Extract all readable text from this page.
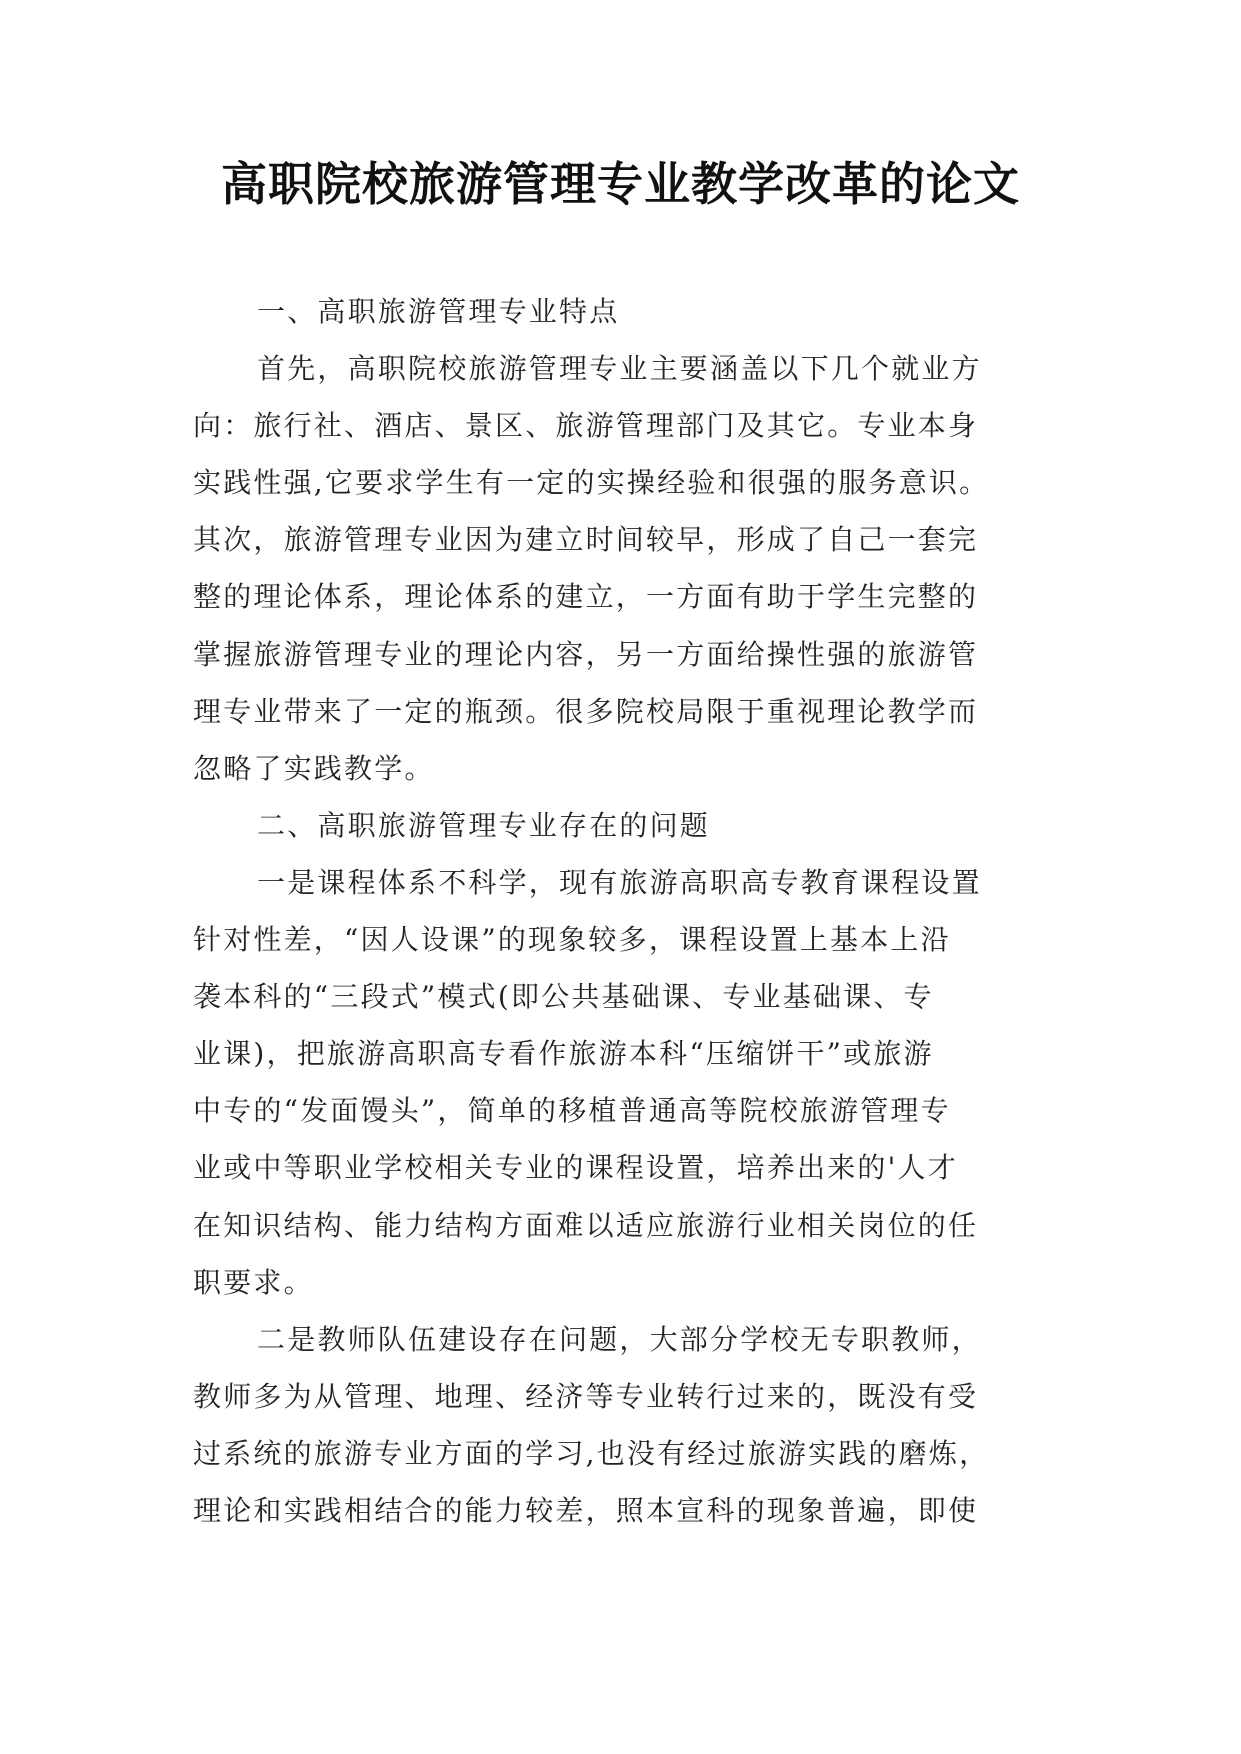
高职院校旅游管理专业教学改革的论文
一、高职旅游管理专业特点
首先，高职院校旅游管理专业主要涵盖以下几个就业方
向：旅行社、酒店、景区、旅游管理部门及其它。专业本身
实践性强,它要求学生有一定的实操经验和很强的服务意识。
其次，旅游管理专业因为建立时间较早，形成了自己一套完
整的理论体系，理论体系的建立，一方面有助于学生完整的
掌握旅游管理专业的理论内容，另一方面给操性强的旅游管
理专业带来了一定的瓶颈。很多院校局限于重视理论教学而
忽略了实践教学。
二、高职旅游管理专业存在的问题
一是课程体系不科学，现有旅游高职高专教育课程设置
针对性差，“因人设课”的现象较多，课程设置上基本上沿
袭本科的“三段式”模式(即公共基础课、专业基础课、专
业课)，把旅游高职高专看作旅游本科“压缩饼干”或旅游
中专的“发面馒头”，简单的移植普通高等院校旅游管理专
业或中等职业学校相关专业的课程设置，培养出来的'人才
在知识结构、能力结构方面难以适应旅游行业相关岗位的任
职要求。
二是教师队伍建设存在问题，大部分学校无专职教师，
教师多为从管理、地理、经济等专业转行过来的，既没有受
过系统的旅游专业方面的学习,也没有经过旅游实践的磨炼，
理论和实践相结合的能力较差，照本宣科的现象普遍，即使
